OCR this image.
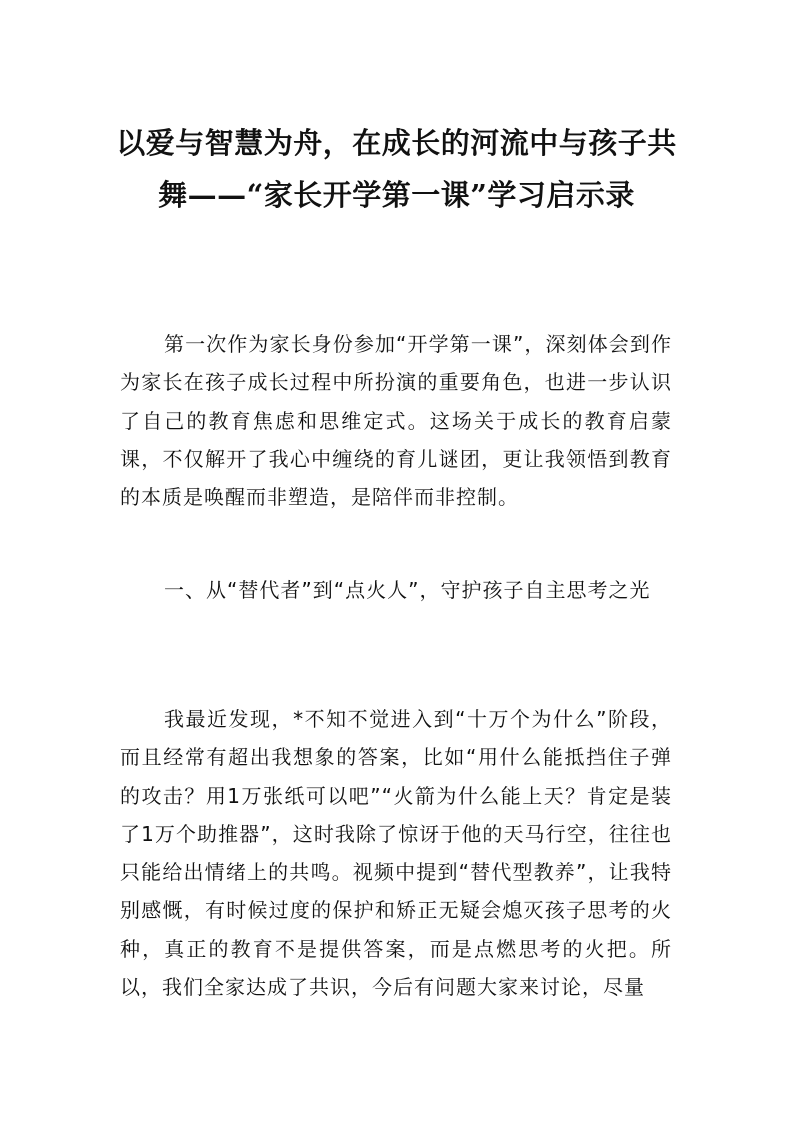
以爱与智慧为舟，在成长的河流中与孩子共
舞——“家长开学第一课”学习启示录

第一次作为家长身份参加“开学第一课”，深刻体会到作为家长在孩子成长过程中所扮演的重要角色，也进一步认识了自己的教育焦虑和思维定式。这场关于成长的教育启蒙课，不仅解开了我心中缠绕的育儿谜团，更让我领悟到教育的本质是唤醒而非塑造，是陪伴而非控制。

一、从“替代者”到“点火人”，守护孩子自主思考之光

我最近发现，*不知不觉进入到“十万个为什么”阶段，而且经常有超出我想象的答案，比如“用什么能抵挡住子弹的攻击？用1万张纸可以吧”“火箭为什么能上天？肯定是装了1万个助推器”，这时我除了惊讶于他的天马行空，往往也只能给出情绪上的共鸣。视频中提到“替代型教养”，让我特别感慨，有时候过度的保护和矫正无疑会熄灭孩子思考的火种，真正的教育不是提供答案，而是点燃思考的火把。所以，我们全家达成了共识，今后有问题大家来讨论，尽量
